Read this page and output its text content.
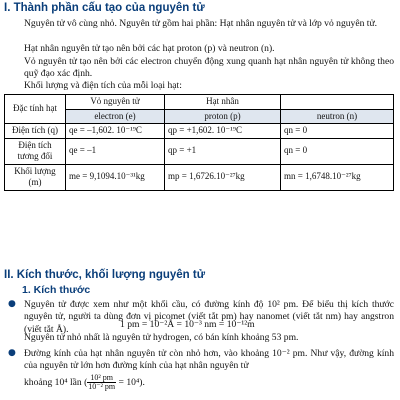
I. Thành phần cấu tạo của nguyên tử
Nguyên tử vô cùng nhỏ. Nguyên tử gồm hai phần: Hạt nhân nguyên tử và lớp vỏ nguyên tử.
Hạt nhân nguyên tử tạo nên bởi các hạt proton (p) và neutron (n).
Vỏ nguyên tử tạo nên bởi các electron chuyển động xung quanh hạt nhân nguyên tử không theo quỹ đạo xác định.
Khối lượng và điện tích của mỗi loại hạt:
Đặc tính hạt	Vỏ nguyên tử	Hạt nhân	
	electron (e)	proton (p)	neutron (n)
Điện tích (q)	qe = –1,602. 10⁻¹⁹C	qp = +1,602. 10⁻¹⁹C	qn = 0
Điện tích tương đối	qe = –1	qp = +1	qn = 0
Khối lượng (m)	me = 9,1094.10⁻³¹kg	mp = 1,6726.10⁻²⁷kg	mn = 1,6748.10⁻²⁷kg
II. Kích thước, khối lượng nguyên tử
1. Kích thước
● Nguyên tử được xem như một khối cầu, có đường kính độ 10² pm. Để biểu thị kích thước nguyên tử, người ta dùng đơn vị picomet (viết tắt pm) hay nanomet (viết tắt nm) hay angstron (viết tắt Å).	1 pm = 10⁻²Å = 10⁻³ nm = 10⁻¹²m
Nguyên tử nhỏ nhất là nguyên tử hydrogen, có bán kính khoảng 53 pm.
● Đường kính của hạt nhân nguyên tử còn nhỏ hơn, vào khoảng 10⁻² pm. Như vậy, đường kính của nguyên tử lớn hơn đường kính của hạt nhân nguyên tử
khoảng 10⁴ lần ( $\frac{\text{10² pm}}{\text{10⁻² pm}} = 10^4$).
